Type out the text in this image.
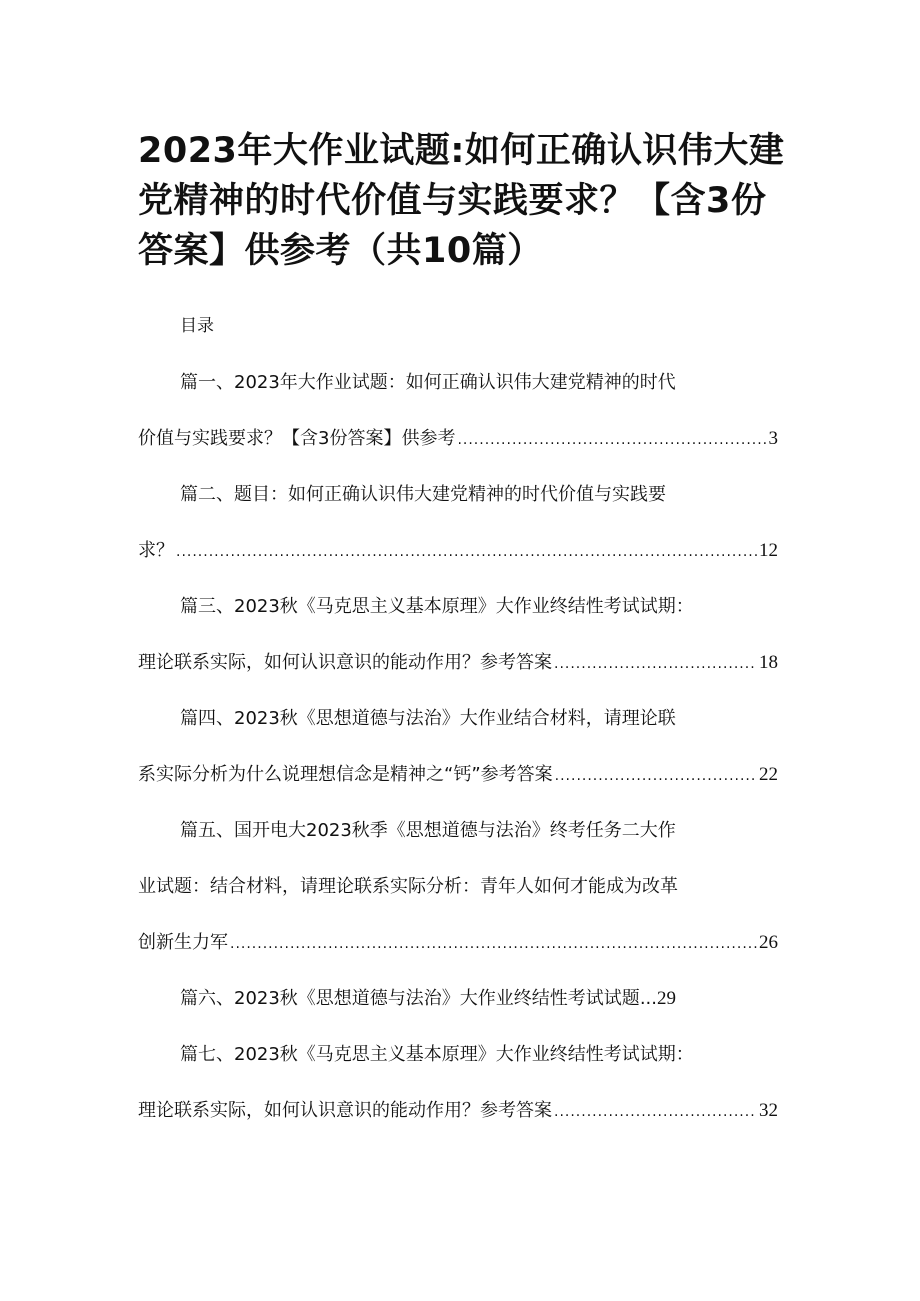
2023年大作业试题:如何正确认识伟大建党精神的时代价值与实践要求？【含3份答案】供参考（共10篇）
目录
篇一、2023年大作业试题：如何正确认识伟大建党精神的时代
价值与实践要求？【含3份答案】供参考 .....	3
篇二、题目：如何正确认识伟大建党精神的时代价值与实践要
求？ .....	12
篇三、2023秋《马克思主义基本原理》大作业终结性考试试期：
理论联系实际，如何认识意识的能动作用？参考答案 .....	18
篇四、2023秋《思想道德与法治》大作业结合材料，请理论联
系实际分析为什么说理想信念是精神之“钙”参考答案 .....	22
篇五、国开电大2023秋季《思想道德与法治》终考任务二大作
业试题：结合材料，请理论联系实际分析：青年人如何才能成为改革
创新生力军 .....	26
篇六、2023秋《思想道德与法治》大作业终结性考试试题...29
篇七、2023秋《马克思主义基本原理》大作业终结性考试试期：
理论联系实际，如何认识意识的能动作用？参考答案 .....	32
